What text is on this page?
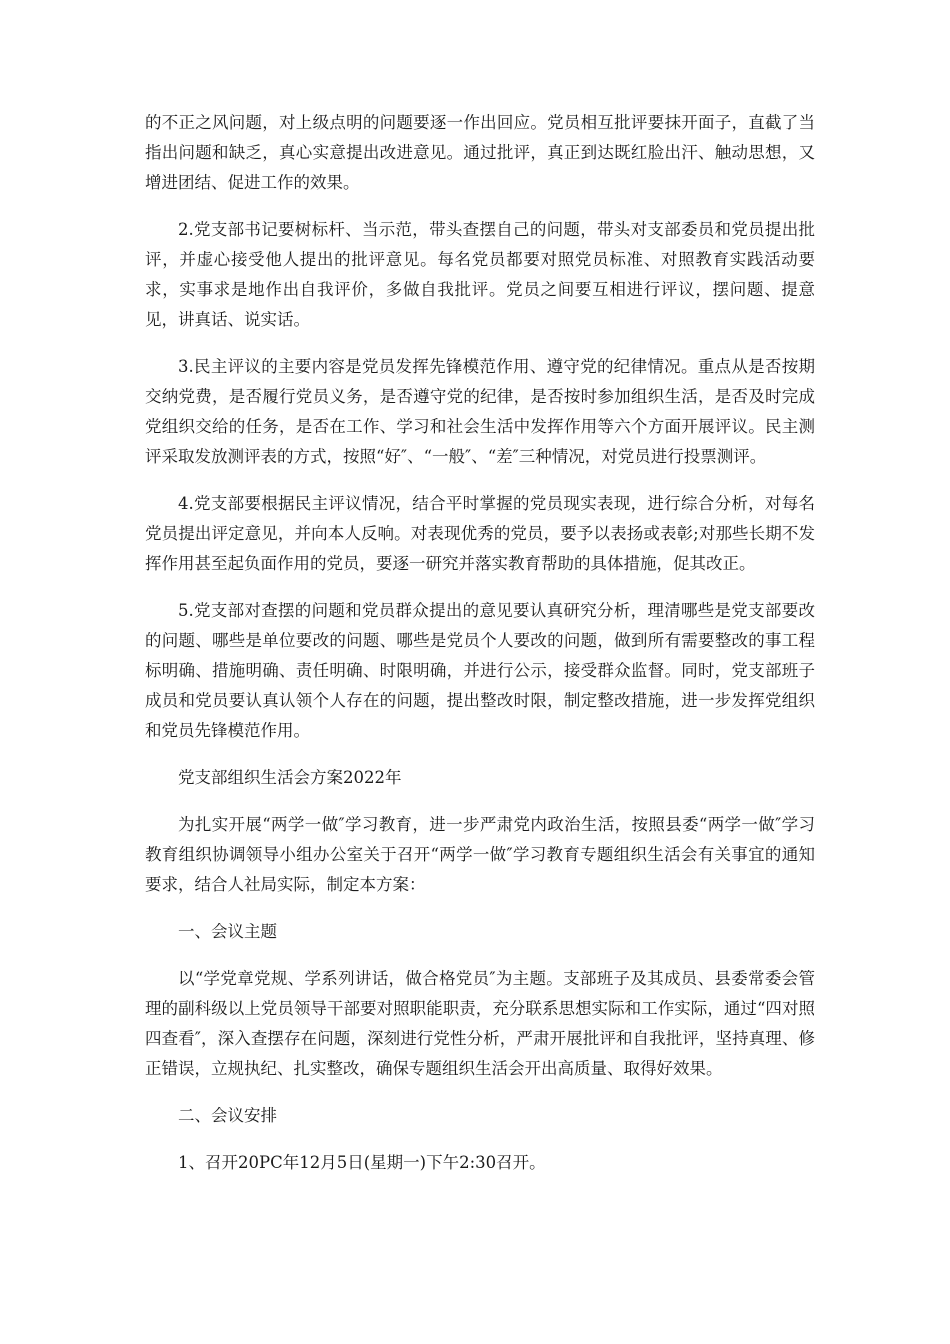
的不正之风问题，对上级点明的问题要逐一作出回应。党员相互批评要抹开面子，直截了当指出问题和缺乏，真心实意提出改进意见。通过批评，真正到达既红脸出汗、触动思想，又增进团结、促进工作的效果。

2.党支部书记要树标杆、当示范，带头查摆自己的问题，带头对支部委员和党员提出批评，并虚心接受他人提出的批评意见。每名党员都要对照党员标准、对照教育实践活动要求，实事求是地作出自我评价，多做自我批评。党员之间要互相进行评议，摆问题、提意见，讲真话、说实话。

3.民主评议的主要内容是党员发挥先锋模范作用、遵守党的纪律情况。重点从是否按期交纳党费，是否履行党员义务，是否遵守党的纪律，是否按时参加组织生活，是否及时完成党组织交给的任务，是否在工作、学习和社会生活中发挥作用等六个方面开展评议。民主测评采取发放测评表的方式，按照“好″、“一般″、“差″三种情况，对党员进行投票测评。

4.党支部要根据民主评议情况，结合平时掌握的党员现实表现，进行综合分析，对每名党员提出评定意见，并向本人反响。对表现优秀的党员，要予以表扬或表彰;对那些长期不发挥作用甚至起负面作用的党员，要逐一研究并落实教育帮助的具体措施，促其改正。

5.党支部对查摆的问题和党员群众提出的意见要认真研究分析，理清哪些是党支部要改的问题、哪些是单位要改的问题、哪些是党员个人要改的问题，做到所有需要整改的事工程标明确、措施明确、责任明确、时限明确，并进行公示，接受群众监督。同时，党支部班子成员和党员要认真认领个人存在的问题，提出整改时限，制定整改措施，进一步发挥党组织和党员先锋模范作用。

党支部组织生活会方案2022年

为扎实开展“两学一做″学习教育，进一步严肃党内政治生活，按照县委“两学一做″学习教育组织协调领导小组办公室关于召开“两学一做″学习教育专题组织生活会有关事宜的通知要求，结合人社局实际，制定本方案：

一、会议主题

以“学党章党规、学系列讲话，做合格党员″为主题。支部班子及其成员、县委常委会管理的副科级以上党员领导干部要对照职能职责，充分联系思想实际和工作实际，通过“四对照四查看″，深入查摆存在问题，深刻进行党性分析，严肃开展批评和自我批评，坚持真理、修正错误，立规执纪、扎实整改，确保专题组织生活会开出高质量、取得好效果。

二、会议安排

1、召开20PC年12月5日(星期一)下午2:30召开。
